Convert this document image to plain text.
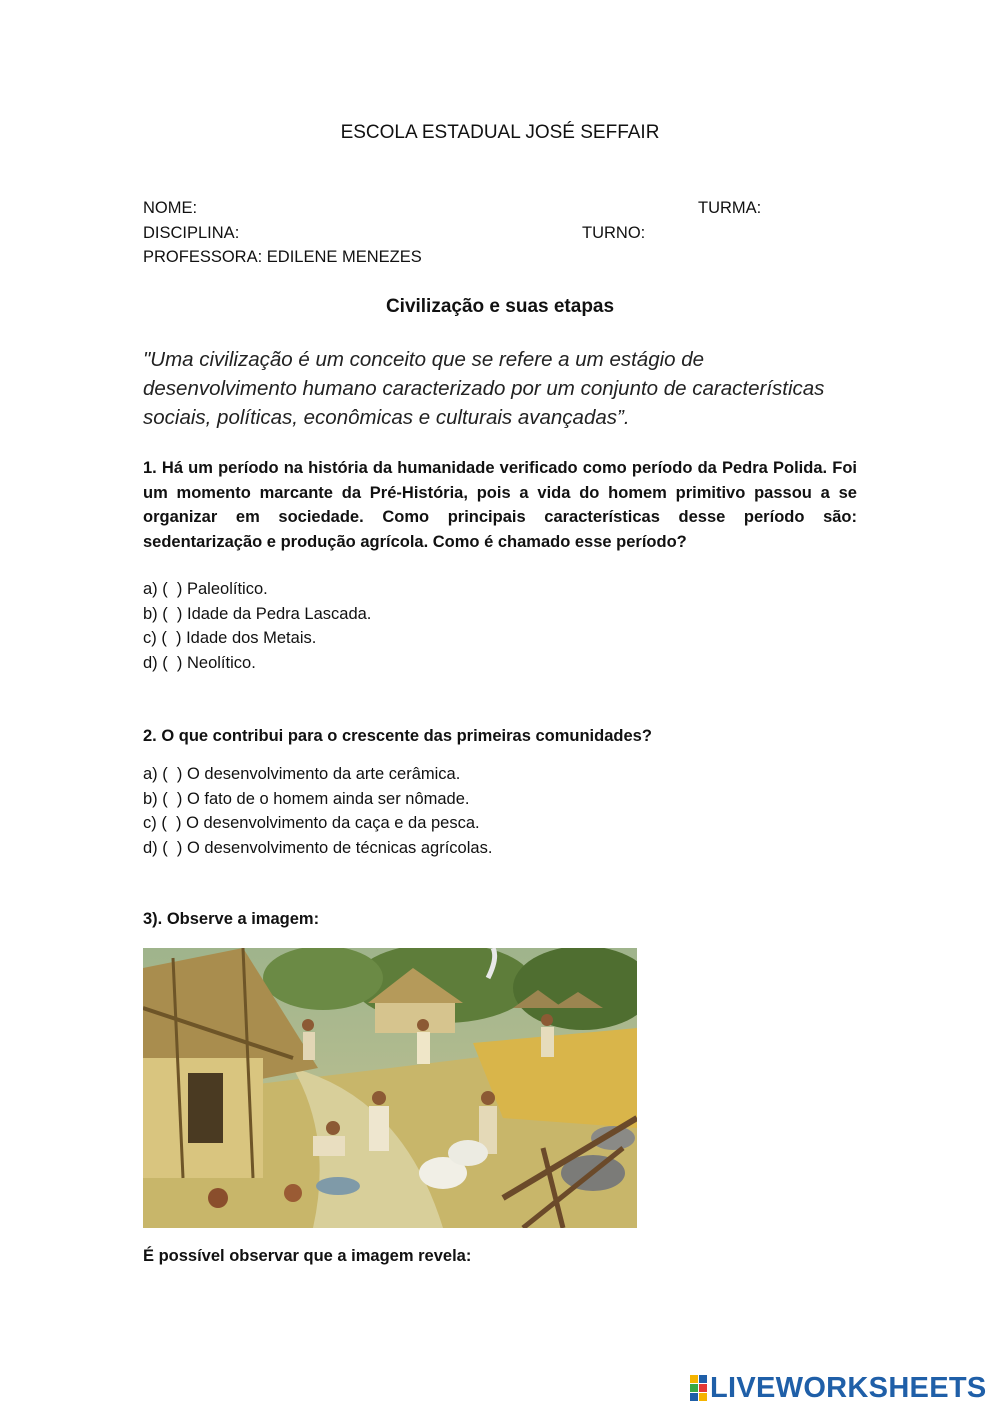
ESCOLA ESTADUAL JOSÉ SEFFAIR
NOME:	TURMA:
DISCIPLINA:	TURNO:
PROFESSORA: EDILENE MENEZES
Civilização e suas etapas
"Uma civilização é um conceito que se refere a um estágio de desenvolvimento humano caracterizado por um conjunto de características sociais, políticas, econômicas e culturais avançadas”.
1. Há um período na história da humanidade verificado como período da Pedra Polida. Foi um momento marcante da Pré-História, pois a vida do homem primitivo passou a se organizar em sociedade. Como principais características desse período são: sedentarização e produção agrícola. Como é chamado esse período?
a) (  ) Paleolítico.
b) (  ) Idade da Pedra Lascada.
c) (  ) Idade dos Metais.
d) (  ) Neolítico.
2. O que contribui para o crescente das primeiras comunidades?
a) (  ) O desenvolvimento da arte cerâmica.
b) (  ) O fato de o homem ainda ser nômade.
c) (  ) O desenvolvimento da caça e da pesca.
d) (  ) O desenvolvimento de técnicas agrícolas.
3). Observe a imagem:
É possível observar que a imagem revela:
LIVEWORKSHEETS
